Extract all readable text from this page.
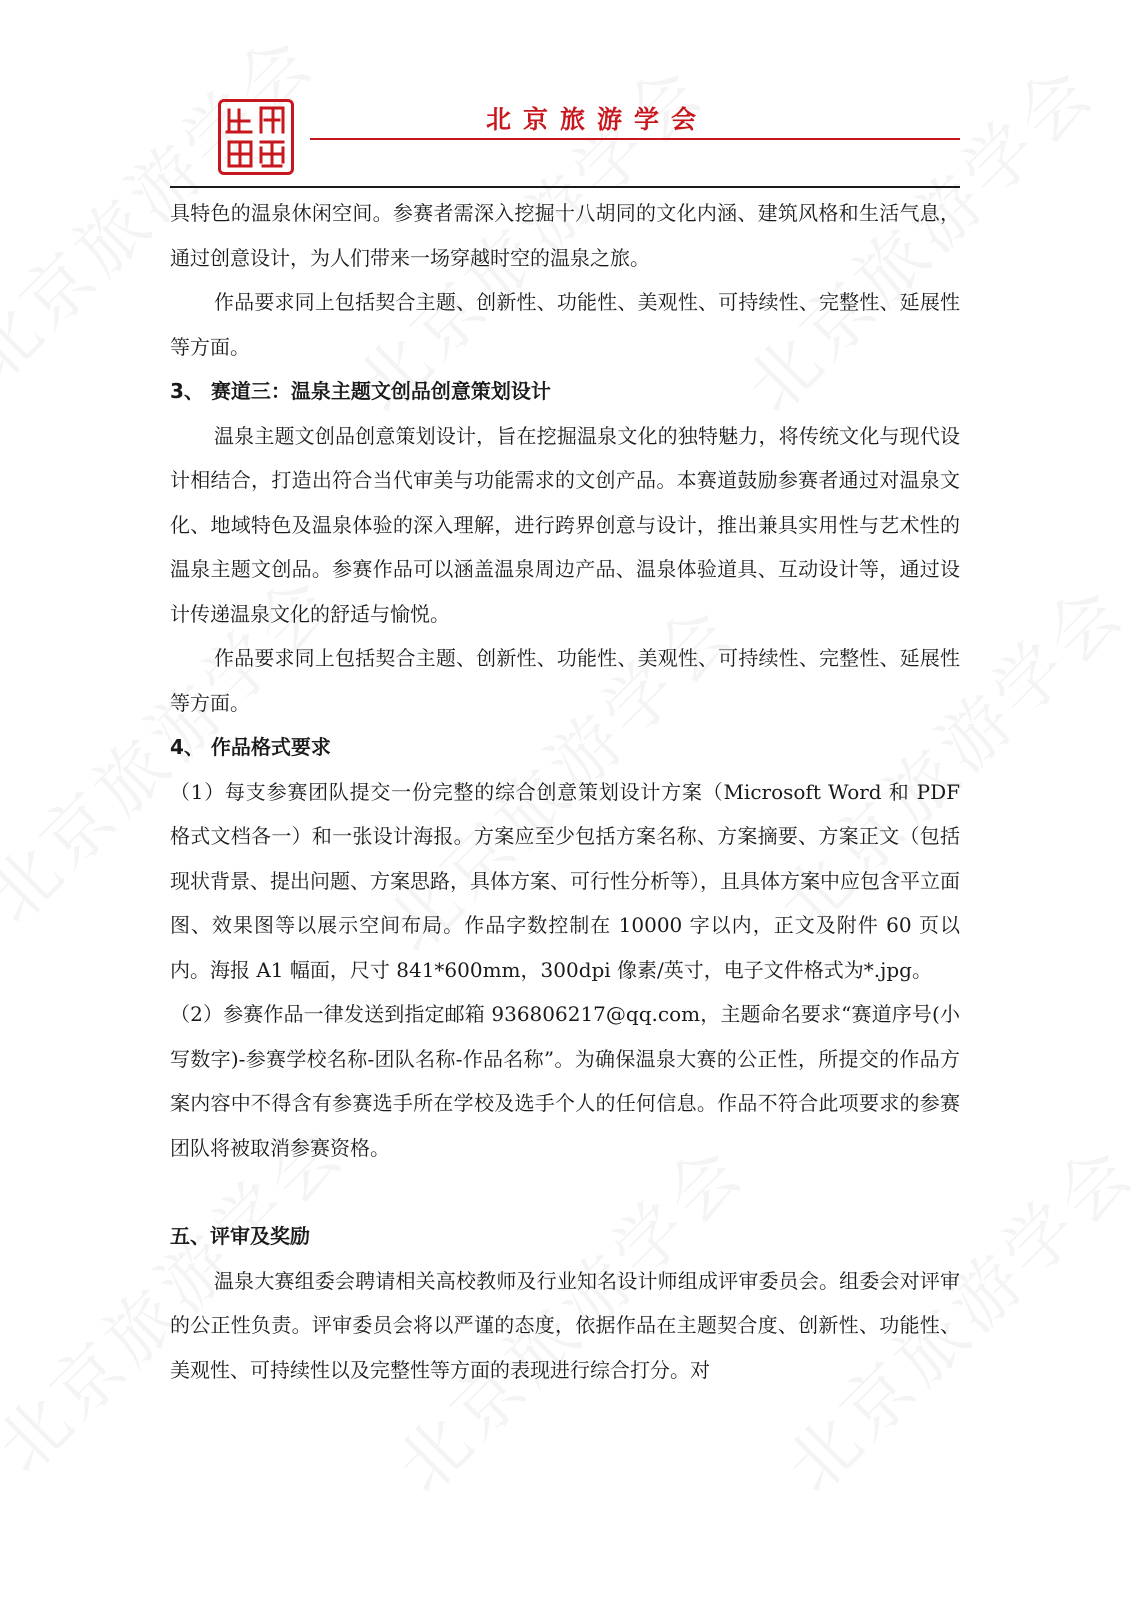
北京旅游学会

具特色的温泉休闲空间。参赛者需深入挖掘十八胡同的文化内涵、建筑风格和生活气息，通过创意设计，为人们带来一场穿越时空的温泉之旅。

作品要求同上包括契合主题、创新性、功能性、美观性、可持续性、完整性、延展性等方面。

3、 赛道三：温泉主题文创品创意策划设计

温泉主题文创品创意策划设计，旨在挖掘温泉文化的独特魅力，将传统文化与现代设计相结合，打造出符合当代审美与功能需求的文创产品。本赛道鼓励参赛者通过对温泉文化、地域特色及温泉体验的深入理解，进行跨界创意与设计，推出兼具实用性与艺术性的温泉主题文创品。参赛作品可以涵盖温泉周边产品、温泉体验道具、互动设计等，通过设计传递温泉文化的舒适与愉悦。

作品要求同上包括契合主题、创新性、功能性、美观性、可持续性、完整性、延展性等方面。

4、 作品格式要求

（1）每支参赛团队提交一份完整的综合创意策划设计方案（Microsoft Word 和 PDF 格式文档各一）和一张设计海报。方案应至少包括方案名称、方案摘要、方案正文（包括现状背景、提出问题、方案思路，具体方案、可行性分析等），且具体方案中应包含平立面图、效果图等以展示空间布局。作品字数控制在 10000 字以内，正文及附件 60 页以内。海报 A1 幅面，尺寸 841*600mm，300dpi 像素/英寸，电子文件格式为*.jpg。

（2）参赛作品一律发送到指定邮箱 936806217@qq.com，主题命名要求“赛道序号(小写数字)-参赛学校名称-团队名称-作品名称”。为确保温泉大赛的公正性，所提交的作品方案内容中不得含有参赛选手所在学校及选手个人的任何信息。作品不符合此项要求的参赛团队将被取消参赛资格。

五、评审及奖励

温泉大赛组委会聘请相关高校教师及行业知名设计师组成评审委员会。组委会对评审的公正性负责。评审委员会将以严谨的态度，依据作品在主题契合度、创新性、功能性、美观性、可持续性以及完整性等方面的表现进行综合打分。对
